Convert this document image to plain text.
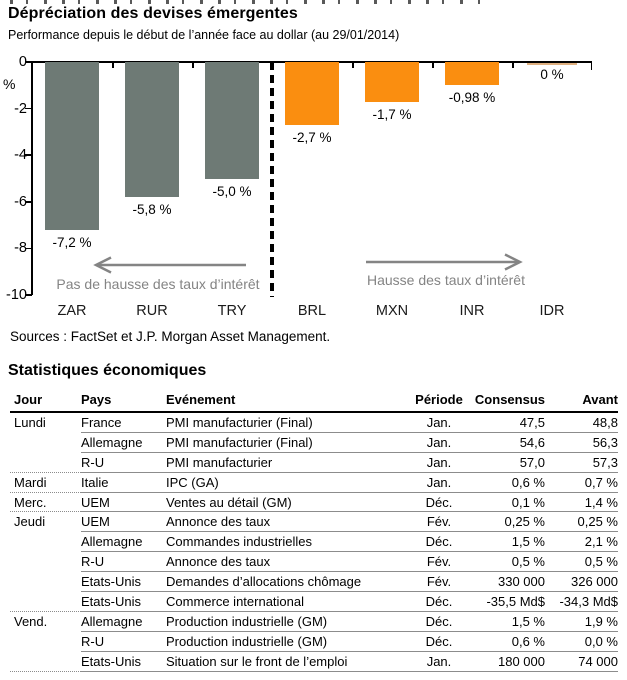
Dépréciation des devises émergentes
Performance depuis le début de l’année face au dollar (au 29/01/2014)
%
Pas de hausse des taux d’intérêt	Hausse des taux d’intérêt
0
-2
-4
-6
-8
-10
-7,2 %
ZAR
-5,8 %
RUR
-5,0 %
TRY
-2,7 %
BRL
-1,7 %
MXN
-0,98 %
INR
0 %
IDR
Sources : FactSet et J.P. Morgan Asset Management.
Statistiques économiques
Jour	Pays	Evénement	Période	Consensus	Avant
Lundi	France	PMI manufacturier (Final)	Jan.	47,5	48,8
	Allemagne	PMI manufacturier (Final)	Jan.	54,6	56,3
	R-U	PMI manufacturier	Jan.	57,0	57,3
Mardi	Italie	IPC (GA)	Jan.	0,6 %	0,7 %
Merc.	UEM	Ventes au détail (GM)	Déc.	0,1 %	1,4 %
Jeudi	UEM	Annonce des taux	Fév.	0,25 %	0,25 %
	Allemagne	Commandes industrielles	Déc.	1,5 %	2,1 %
	R-U	Annonce des taux	Fév.	0,5 %	0,5 %
	Etats-Unis	Demandes d’allocations chômage	Fév.	330 000	326 000
	Etats-Unis	Commerce international	Déc.	-35,5 Md$	-34,3 Md$
Vend.	Allemagne	Production industrielle (GM)	Déc.	1,5 %	1,9 %
	R-U	Production industrielle (GM)	Déc.	0,6 %	0,0 %
	Etats-Unis	Situation sur le front de l’emploi	Jan.	180 000	74 000
